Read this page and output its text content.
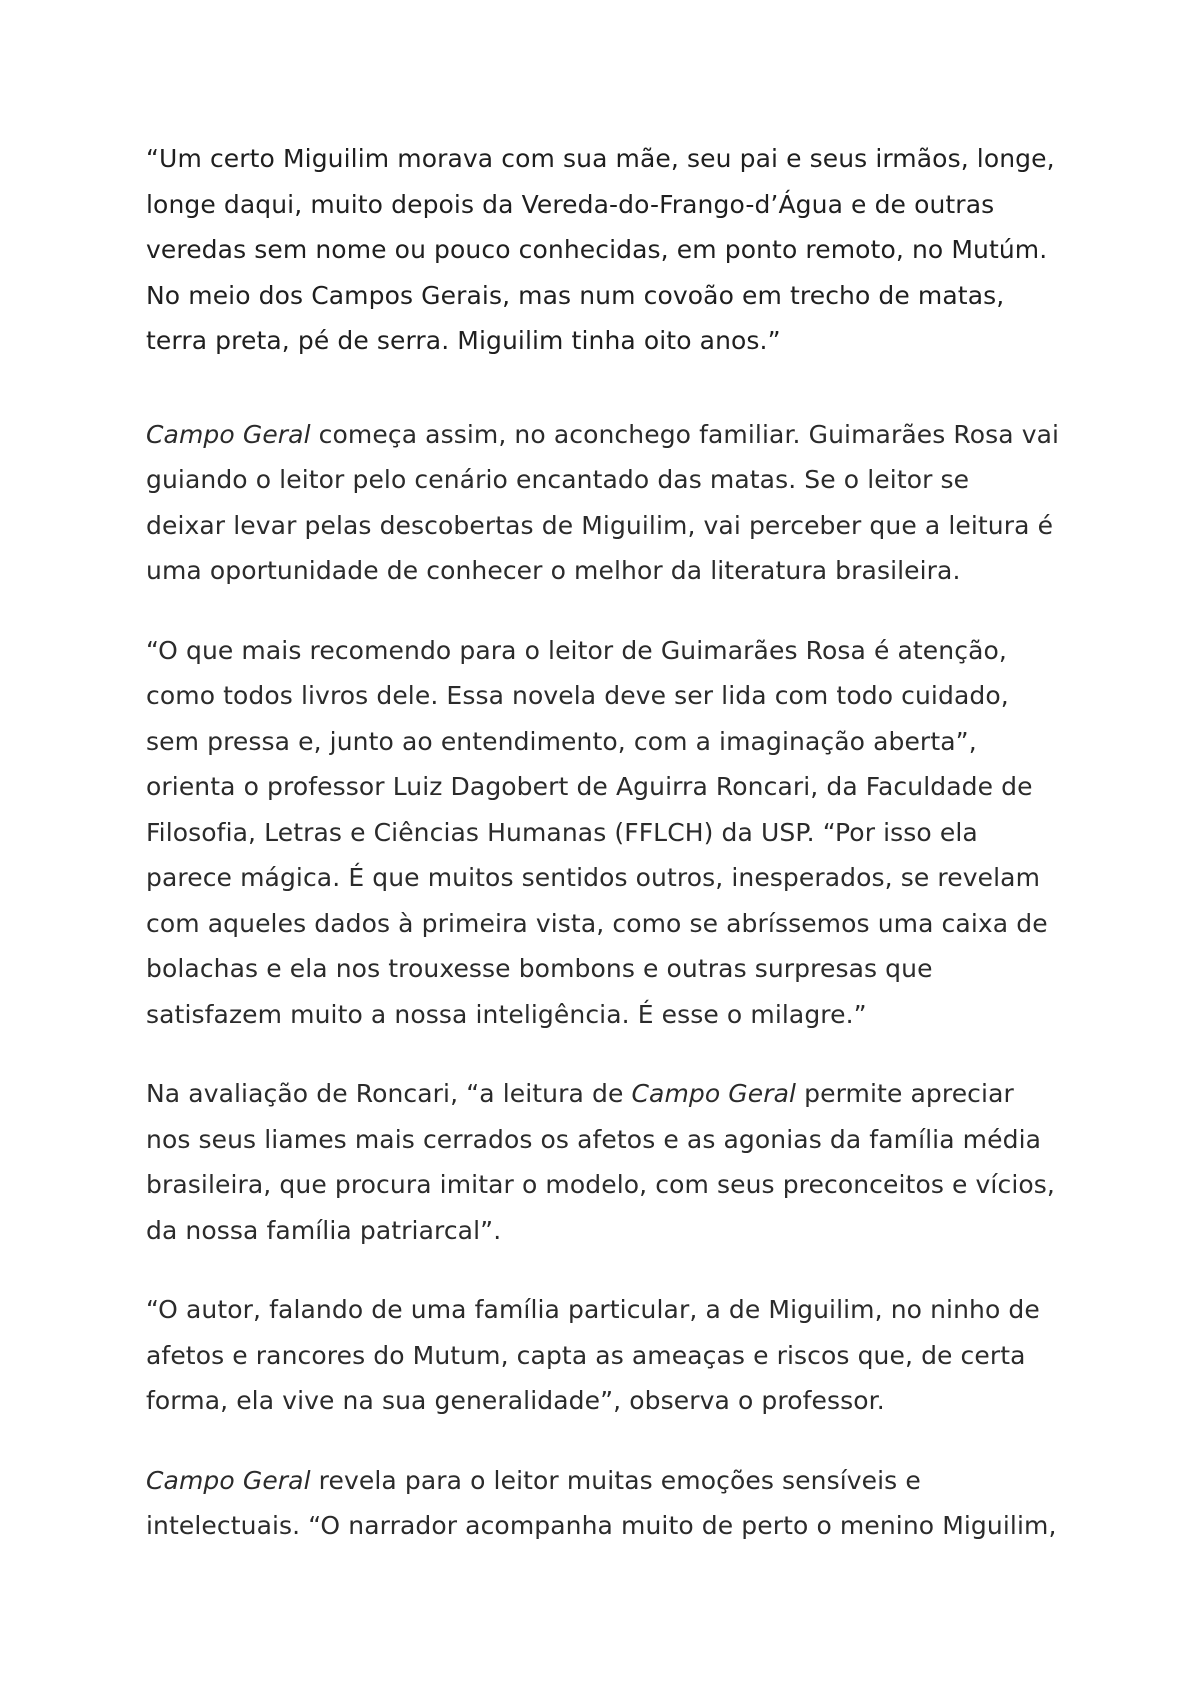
“Um certo Miguilim morava com sua mãe, seu pai e seus irmãos, longe,
longe daqui, muito depois da Vereda-do-Frango-d’Água e de outras
veredas sem nome ou pouco conhecidas, em ponto remoto, no Mutúm.
No meio dos Campos Gerais, mas num covoão em trecho de matas,
terra preta, pé de serra. Miguilim tinha oito anos.”

Campo Geral começa assim, no aconchego familiar. Guimarães Rosa vai
guiando o leitor pelo cenário encantado das matas. Se o leitor se
deixar levar pelas descobertas de Miguilim, vai perceber que a leitura é
uma oportunidade de conhecer o melhor da literatura brasileira.

“O que mais recomendo para o leitor de Guimarães Rosa é atenção,
como todos livros dele. Essa novela deve ser lida com todo cuidado,
sem pressa e, junto ao entendimento, com a imaginação aberta”,
orienta o professor Luiz Dagobert de Aguirra Roncari, da Faculdade de
Filosofia, Letras e Ciências Humanas (FFLCH) da USP. “Por isso ela
parece mágica. É que muitos sentidos outros, inesperados, se revelam
com aqueles dados à primeira vista, como se abríssemos uma caixa de
bolachas e ela nos trouxesse bombons e outras surpresas que
satisfazem muito a nossa inteligência. É esse o milagre.”

Na avaliação de Roncari, “a leitura de Campo Geral permite apreciar
nos seus liames mais cerrados os afetos e as agonias da família média
brasileira, que procura imitar o modelo, com seus preconceitos e vícios,
da nossa família patriarcal”.

“O autor, falando de uma família particular, a de Miguilim, no ninho de
afetos e rancores do Mutum, capta as ameaças e riscos que, de certa
forma, ela vive na sua generalidade”, observa o professor.

Campo Geral revela para o leitor muitas emoções sensíveis e
intelectuais. “O narrador acompanha muito de perto o menino Miguilim,
